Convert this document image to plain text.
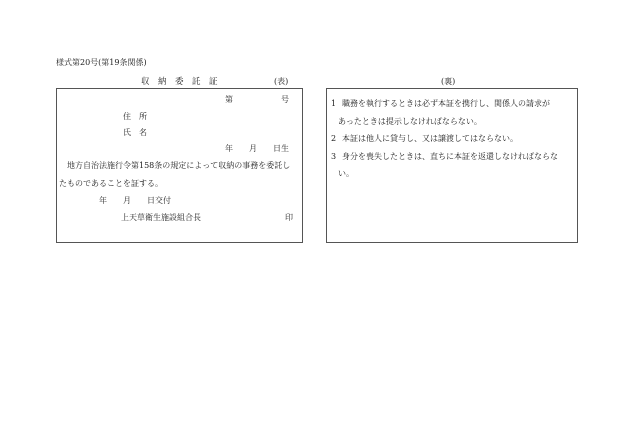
様式第20号(第19条関係)
収　納　委　託　証	(表)
第　　　　　　号
住　所
氏　名
年　　月　　日生
地方自治法施行令第158条の規定によって収納の事務を委託し
たものであることを証する。
年　　月　　日交付
上天草衛生施設組合長	印
(裏)
1 職務を執行するときは必ず本証を携行し、関係人の請求が
あったときは提示しなければならない。
2 本証は他人に貸与し、又は譲渡してはならない。
3 身分を喪失したときは、直ちに本証を返還しなければならな
い。
